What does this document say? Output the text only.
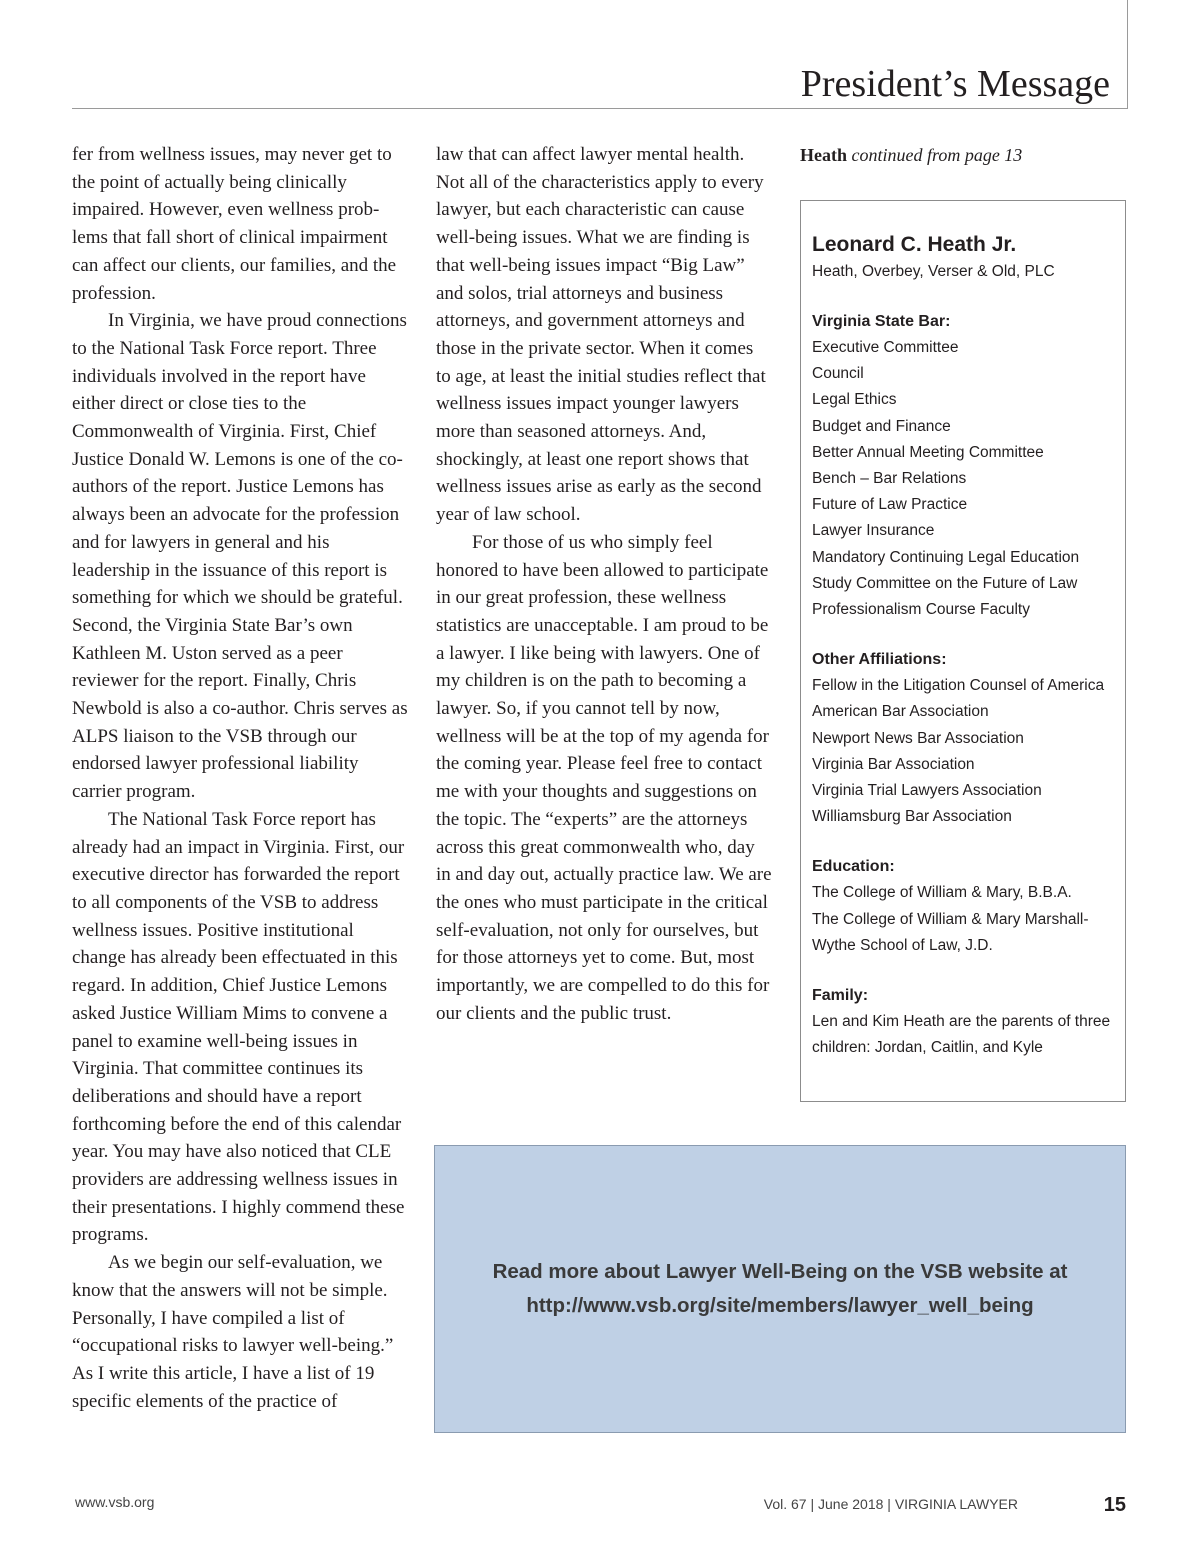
President’s Message

fer from wellness issues, may never get to the point of actually being clinically impaired. However, even wellness problems that fall short of clinical impairment can affect our clients, our families, and the profession.

In Virginia, we have proud connections to the National Task Force report. Three individuals involved in the report have either direct or close ties to the Commonwealth of Virginia. First, Chief Justice Donald W. Lemons is one of the co-authors of the report. Justice Lemons has always been an advocate for the profession and for lawyers in general and his leadership in the issuance of this report is something for which we should be grateful. Second, the Virginia State Bar’s own Kathleen M. Uston served as a peer reviewer for the report. Finally, Chris Newbold is also a co-author. Chris serves as ALPS liaison to the VSB through our endorsed lawyer professional liability carrier program.

The National Task Force report has already had an impact in Virginia. First, our executive director has forwarded the report to all components of the VSB to address wellness issues. Positive institutional change has already been effectuated in this regard. In addition, Chief Justice Lemons asked Justice William Mims to convene a panel to examine well-being issues in Virginia. That committee continues its deliberations and should have a report forthcoming before the end of this calendar year. You may have also noticed that CLE providers are addressing wellness issues in their presentations. I highly commend these programs.

As we begin our self-evaluation, we know that the answers will not be simple. Personally, I have compiled a list of “occupational risks to lawyer well-being.” As I write this article, I have a list of 19 specific elements of the practice of

law that can affect lawyer mental health. Not all of the characteristics apply to every lawyer, but each characteristic can cause well-being issues. What we are finding is that well-being issues impact “Big Law” and solos, trial attorneys and business attorneys, and government attorneys and those in the private sector. When it comes to age, at least the initial studies reflect that wellness issues impact younger lawyers more than seasoned attorneys. And, shockingly, at least one report shows that wellness issues arise as early as the second year of law school.

For those of us who simply feel honored to have been allowed to participate in our great profession, these wellness statistics are unacceptable. I am proud to be a lawyer. I like being with lawyers. One of my children is on the path to becoming a lawyer. So, if you cannot tell by now, wellness will be at the top of my agenda for the coming year. Please feel free to contact me with your thoughts and suggestions on the topic. The “experts” are the attorneys across this great commonwealth who, day in and day out, actually practice law. We are the ones who must participate in the critical self-evaluation, not only for ourselves, but for those attorneys yet to come. But, most importantly, we are compelled to do this for our clients and the public trust.

Heath continued from page 13
Leonard C. Heath Jr.
Heath, Overbey, Verser & Old, PLC
Virginia State Bar:
Executive Committee
Council
Legal Ethics
Budget and Finance
Better Annual Meeting Committee
Bench – Bar Relations
Future of Law Practice
Lawyer Insurance
Mandatory Continuing Legal Education
Study Committee on the Future of Law
Professionalism Course Faculty
Other Affiliations:
Fellow in the Litigation Counsel of America
American Bar Association
Newport News Bar Association
Virginia Bar Association
Virginia Trial Lawyers Association
Williamsburg Bar Association
Education:
The College of William & Mary, B.B.A.
The College of William & Mary Marshall-
Wythe School of Law, J.D.
Family:
Len and Kim Heath are the parents of three children: Jordan, Caitlin, and Kyle
Read more about Lawyer Well-Being on the VSB website at
http://www.vsb.org/site/members/lawyer_well_being
www.vsb.org	Vol. 67 | June 2018 | VIRGINIA LAWYER	15
